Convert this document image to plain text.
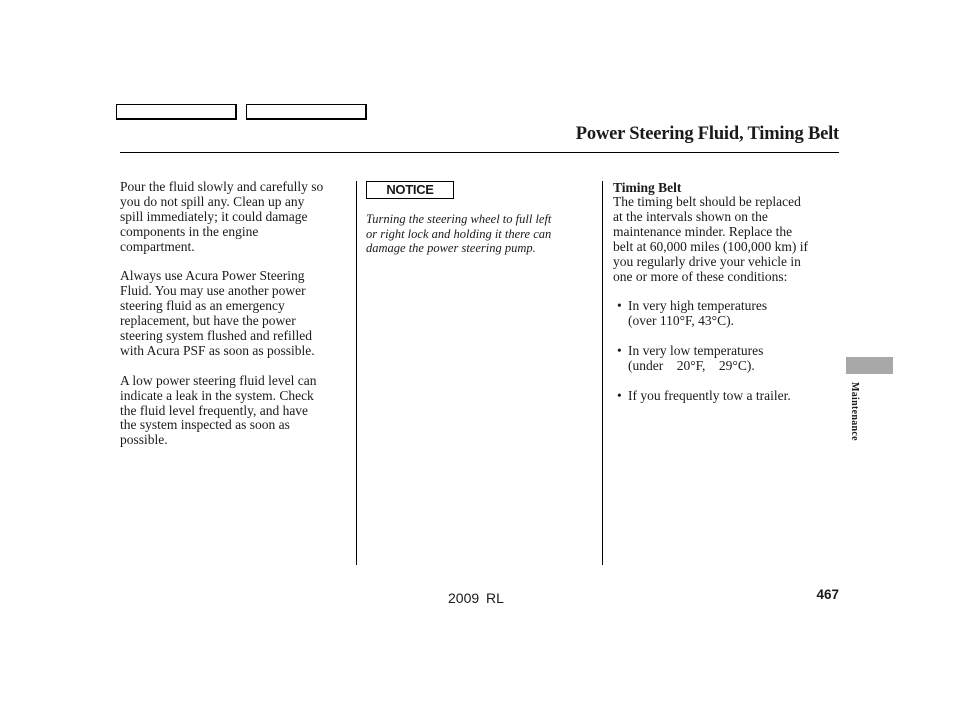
Power Steering Fluid, Timing Belt

Pour the fluid slowly and carefully so
you do not spill any. Clean up any
spill immediately; it could damage
components in the engine
compartment.

Always use Acura Power Steering
Fluid. You may use another power
steering fluid as an emergency
replacement, but have the power
steering system flushed and refilled
with Acura PSF as soon as possible.

A low power steering fluid level can
indicate a leak in the system. Check
the fluid level frequently, and have
the system inspected as soon as
possible.

NOTICE
Turning the steering wheel to full left
or right lock and holding it there can
damage the power steering pump.
Timing Belt

The timing belt should be replaced
at the intervals shown on the
maintenance minder. Replace the
belt at 60,000 miles (100,000 km) if
you regularly drive your vehicle in
one or more of these conditions:

• In very high temperatures
(over 110°F, 43°C).
• In very low temperatures
(under    20°F,    29°C).
• If you frequently tow a trailer.	Maintenance
2009 RL	467
